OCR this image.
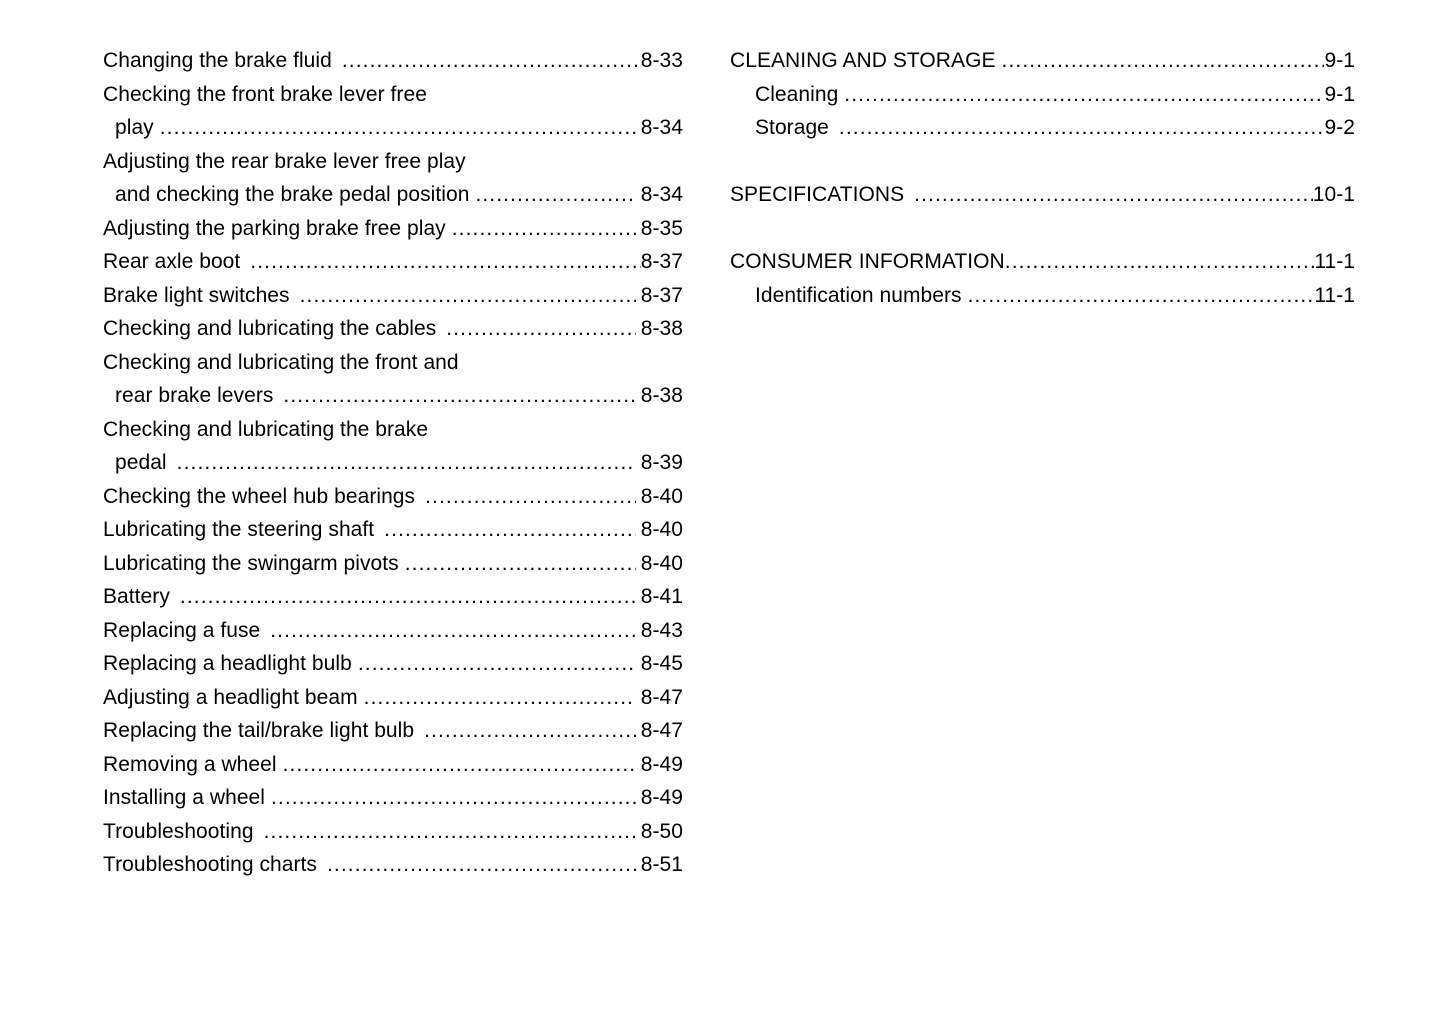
Changing the brake fluid .....	8-33
Checking the front brake lever free
play .....	8-34
Adjusting the rear brake lever free play
and checking the brake pedal position .....	8-34
Adjusting the parking brake free play .....	8-35
Rear axle boot .....	8-37
Brake light switches .....	8-37
Checking and lubricating the cables .....	8-38
Checking and lubricating the front and
rear brake levers .....	8-38
Checking and lubricating the brake
pedal .....	8-39
Checking the wheel hub bearings .....	8-40
Lubricating the steering shaft .....	8-40
Lubricating the swingarm pivots .....	8-40
Battery .....	8-41
Replacing a fuse .....	8-43
Replacing a headlight bulb .....	8-45
Adjusting a headlight beam .....	8-47
Replacing the tail/brake light bulb .....	8-47
Removing a wheel .....	8-49
Installing a wheel .....	8-49
Troubleshooting .....	8-50
Troubleshooting charts .....	8-51
CLEANING AND STORAGE .....	9-1
Cleaning .....	9-1
Storage .....	9-2
SPECIFICATIONS .....	10-1
CONSUMER INFORMATION .....	11-1
Identification numbers .....	11-1
